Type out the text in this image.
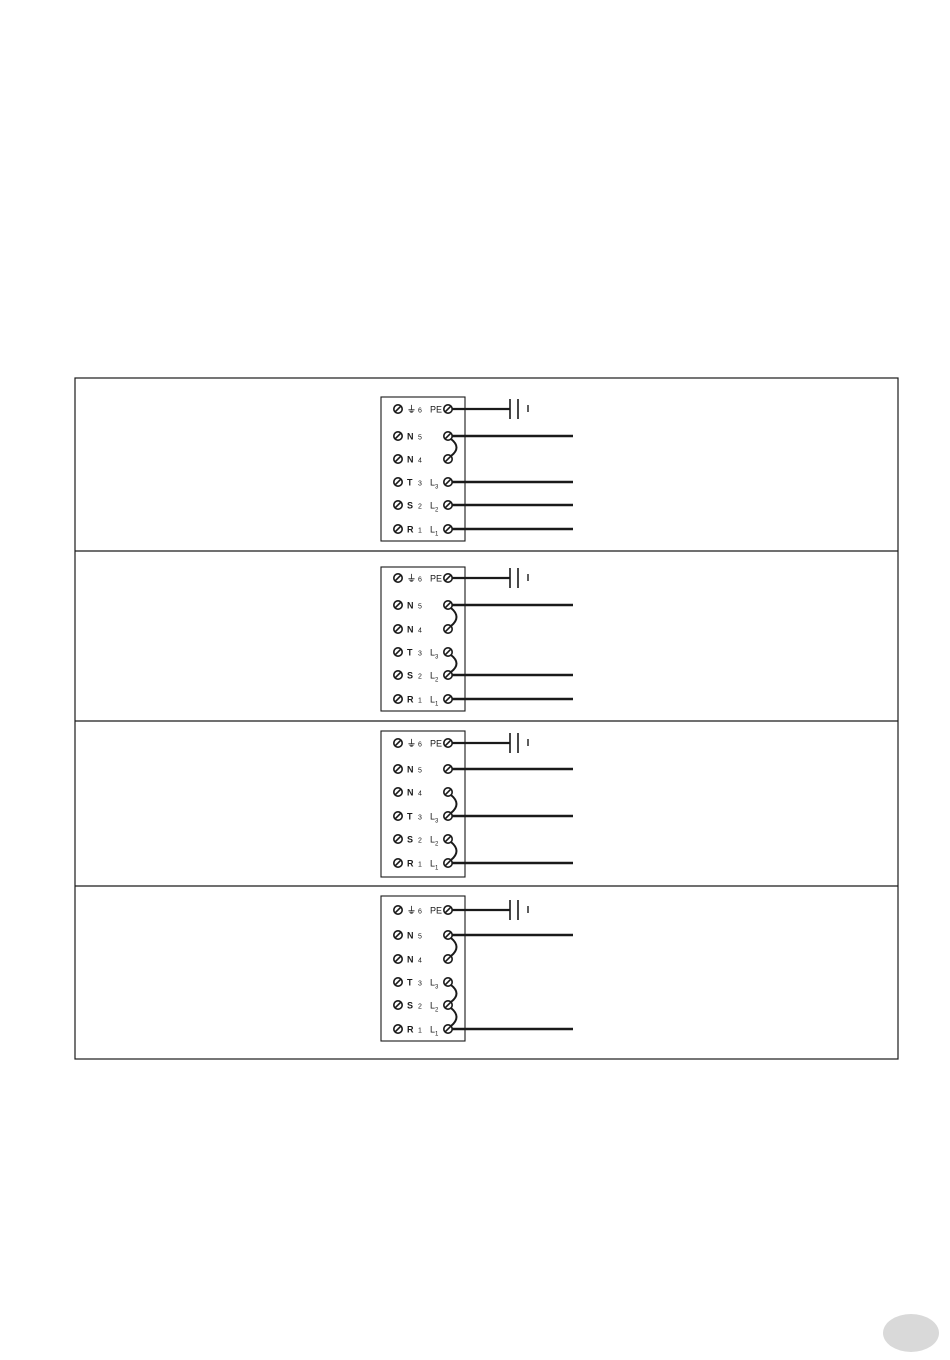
⏚ 6 PE
N 5
N 4
T 3 $L_3$
S 2 $L_2$
R 1 $L_1$
⏚ 6 PE
N 5
N 4
T 3 $L_3$
S 2 $L_2$
R 1 $L_1$
⏚ 6 PE
N 5
N 4
T 3 $L_3$
S 2 $L_2$
R 1 $L_1$
⏚ 6 PE
N 5
N 4
T 3 $L_3$
S 2 $L_2$
R 1 $L_1$
